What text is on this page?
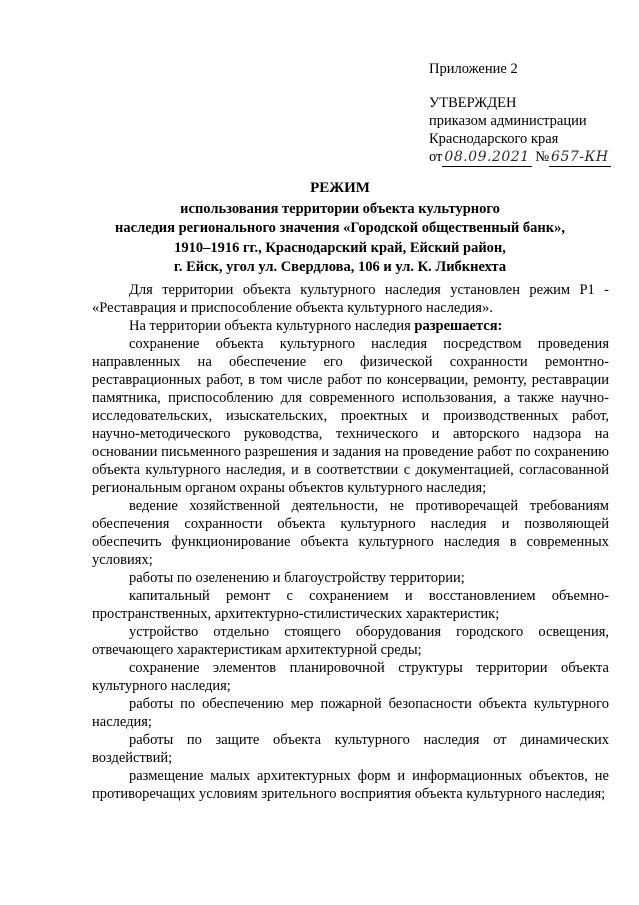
Приложение 2
УТВЕРЖДЕН
приказом администрации
Краснодарского края
от 08.09.2021 № 657-КН
РЕЖИМ
использования территории объекта культурного
наследия регионального значения «Городской общественный банк»,
1910–1916 гг., Краснодарский край, Ейский район,
г. Ейск, угол ул. Свердлова, 106 и ул. К. Либкнехта

Для территории объекта культурного наследия установлен режим Р1 - «Реставрация и приспособление объекта культурного наследия».

На территории объекта культурного наследия разрешается:

сохранение объекта культурного наследия посредством проведения направленных на обеспечение его физической сохранности ремонтно-реставрационных работ, в том числе работ по консервации, ремонту, реставрации памятника, приспособлению для современного использования, а также научно-исследовательских, изыскательских, проектных и производственных работ, научно-методического руководства, технического и авторского надзора на основании письменного разрешения и задания на проведение работ по сохранению объекта культурного наследия, и в соответствии с документацией, согласованной региональным органом охраны объектов культурного наследия;

ведение хозяйственной деятельности, не противоречащей требованиям обеспечения сохранности объекта культурного наследия и позволяющей обеспечить функционирование объекта культурного наследия в современных условиях;

работы по озеленению и благоустройству территории;

капитальный ремонт с сохранением и восстановлением объемно-пространственных, архитектурно-стилистических характеристик;

устройство отдельно стоящего оборудования городского освещения, отвечающего характеристикам архитектурной среды;

сохранение элементов планировочной структуры территории объекта культурного наследия;

работы по обеспечению мер пожарной безопасности объекта культурного наследия;

работы по защите объекта культурного наследия от динамических воздействий;

размещение малых архитектурных форм и информационных объектов, не противоречащих условиям зрительного восприятия объекта культурного наследия;
